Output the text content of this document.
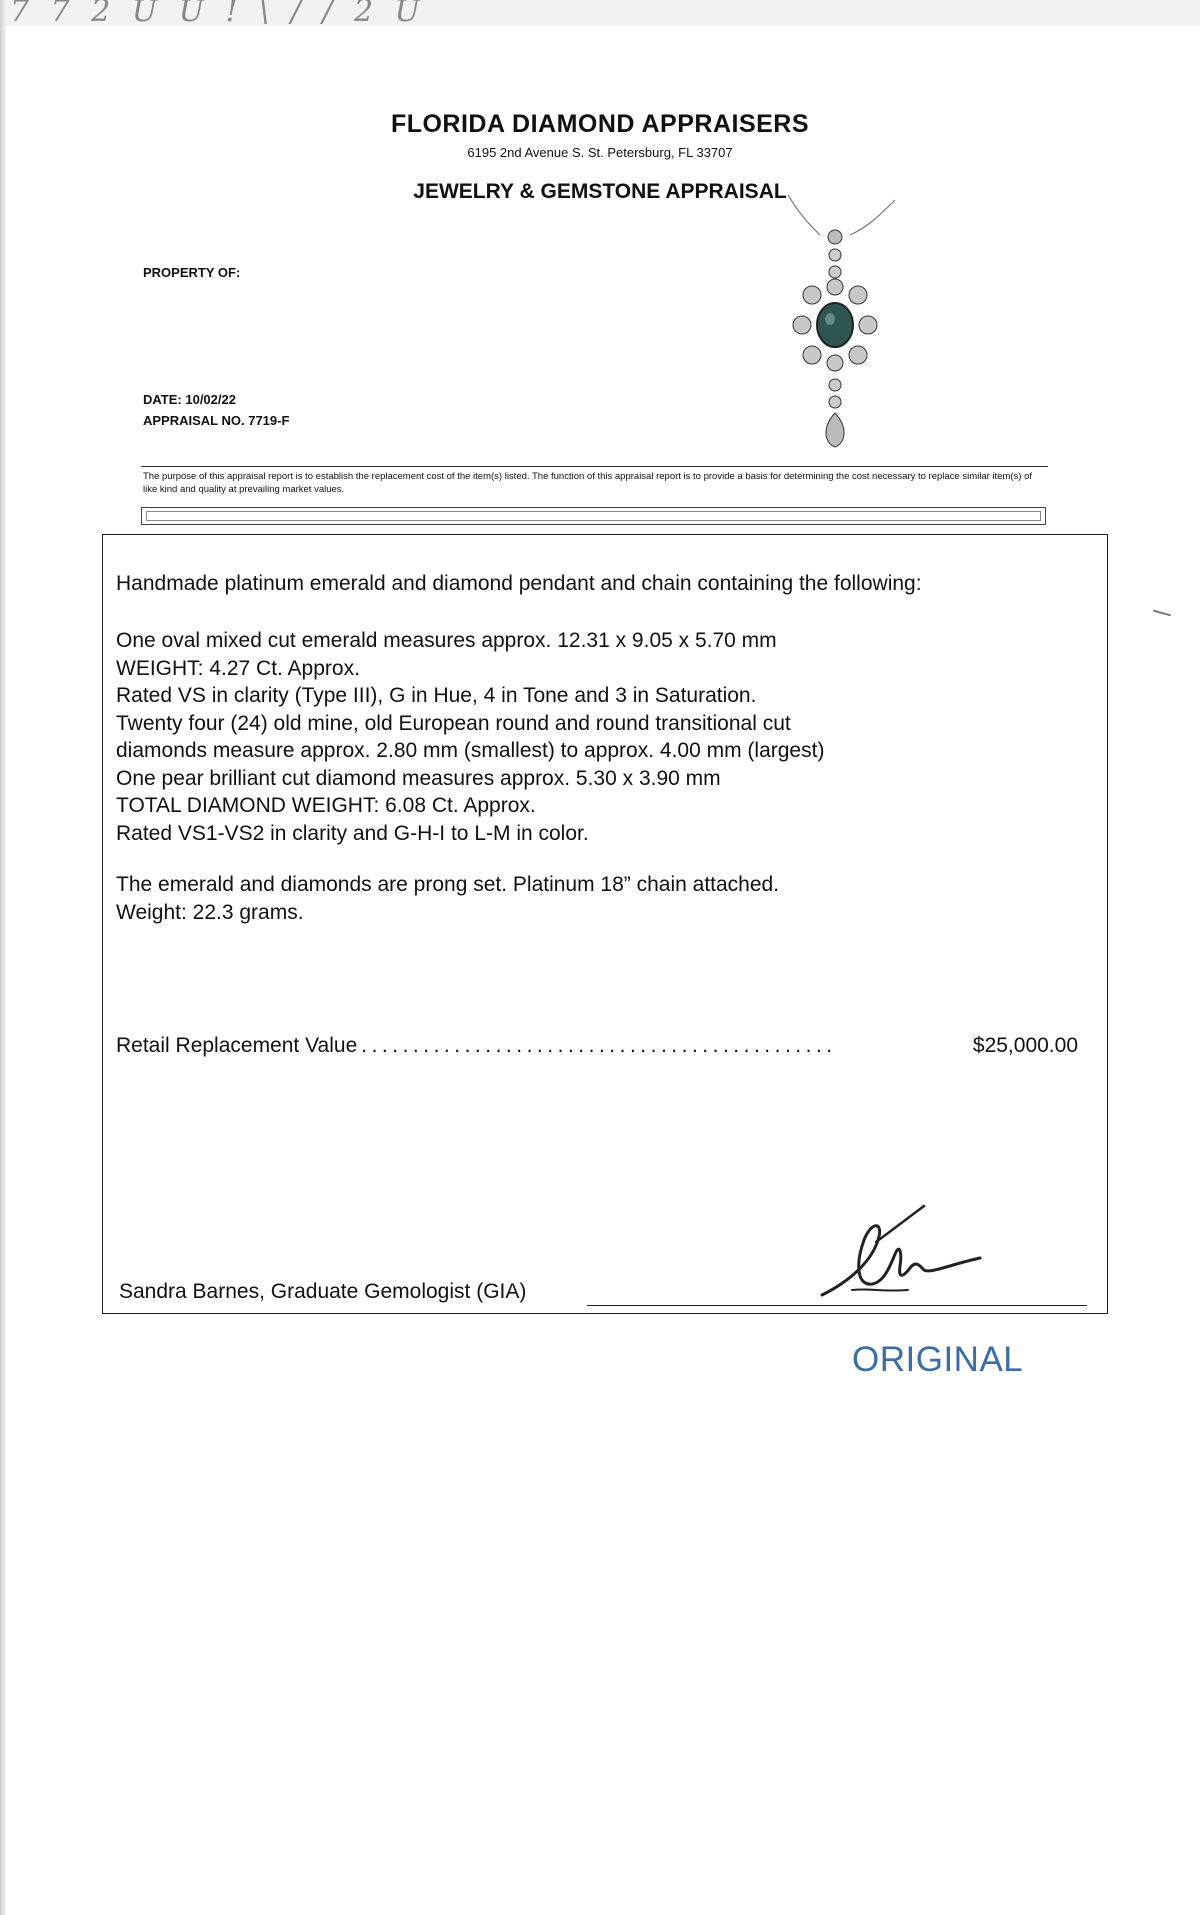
7 7 2 U U ! \ / / 2 U
FLORIDA DIAMOND APPRAISERS
6195 2nd Avenue S. St. Petersburg, FL 33707
JEWELRY & GEMSTONE APPRAISAL
PROPERTY OF:
DATE: 10/02/22
APPRAISAL NO. 7719-F
The purpose of this appraisal report is to establish the replacement cost of the item(s) listed. The function of this appraisal report is to provide a basis for determining the cost necessary to replace similar item(s) of like kind and quality at prevailing market values.
Handmade platinum emerald and diamond pendant and chain containing the following:
One oval mixed cut emerald measures approx. 12.31 x 9.05 x 5.70 mm
WEIGHT: 4.27 Ct. Approx.
Rated VS in clarity (Type III), G in Hue, 4 in Tone and 3 in Saturation.
Twenty four (24) old mine, old European round and round transitional cut
diamonds measure approx. 2.80 mm (smallest) to approx. 4.00 mm (largest)
One pear brilliant cut diamond measures approx. 5.30 x 3.90 mm
TOTAL DIAMOND WEIGHT: 6.08 Ct. Approx.
Rated VS1-VS2 in clarity and G-H-I to L-M in color.
The emerald and diamonds are prong set. Platinum 18” chain attached.
Weight: 22.3 grams.
Retail Replacement Value ..............................................	$25,000.00
Sandra Barnes, Graduate Gemologist (GIA)
ORIGINAL
